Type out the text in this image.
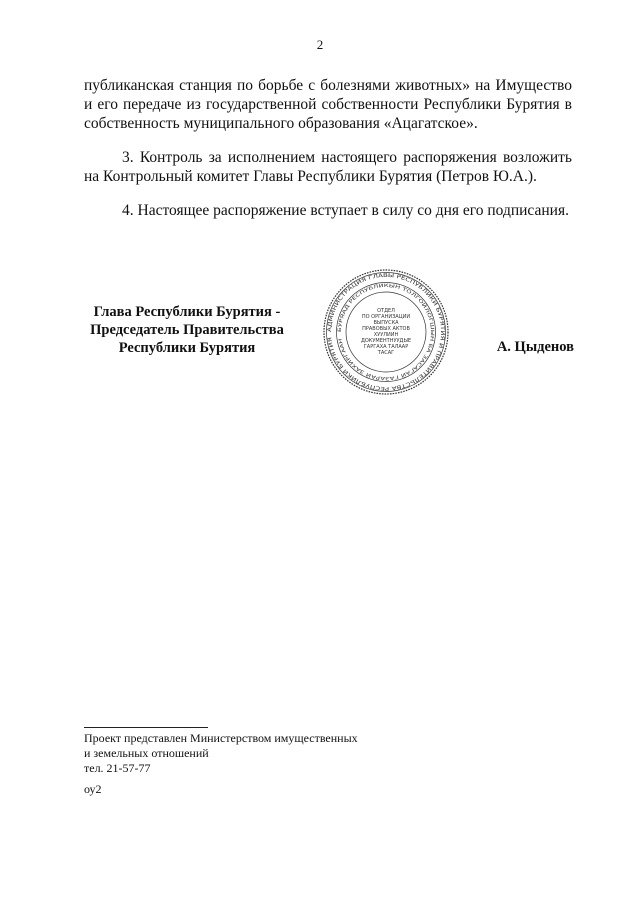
2
публиканская станция по борьбе с болезнями животных» на Имущество и его передаче из государственной собственности Республики Бурятия в собственность муниципального образования «Ацагатское».
3. Контроль за исполнением настоящего распоряжения возложить на Контрольный комитет Главы Республики Бурятия (Петров Ю.А.).
4. Настоящее распоряжение вступает в силу со дня его подписания.
Глава Республики Бурятия -
Председатель Правительства
Республики Бурятия
АДМИНИСТРАЦИЯ ГЛАВЫ РЕСПУБЛИКИ БУРЯТИЯ И ПРАВИТЕЛЬСТВА РЕСПУБЛИКИ БУРЯТИЯ
БУРЯАД РЕСПУБЛИКЫН ТОЛГОЙЛОГШЫН БА ЗАСАГАЙ ГАЗАРАЙ ЗАХИРГААН
ОТДЕЛ
ПО ОРГАНИЗАЦИИ
ВЫПУСКА
ПРАВОВЫХ АКТОВ
ХУУЛИИН
ДОКУМЕНТНУУДЫЕ
ГАРГАХА ТАЛААР
ТАСАГ	А. Цыденов
Проект представлен Министерством имущественных
и земельных отношений
тел. 21-57-77
оу2
